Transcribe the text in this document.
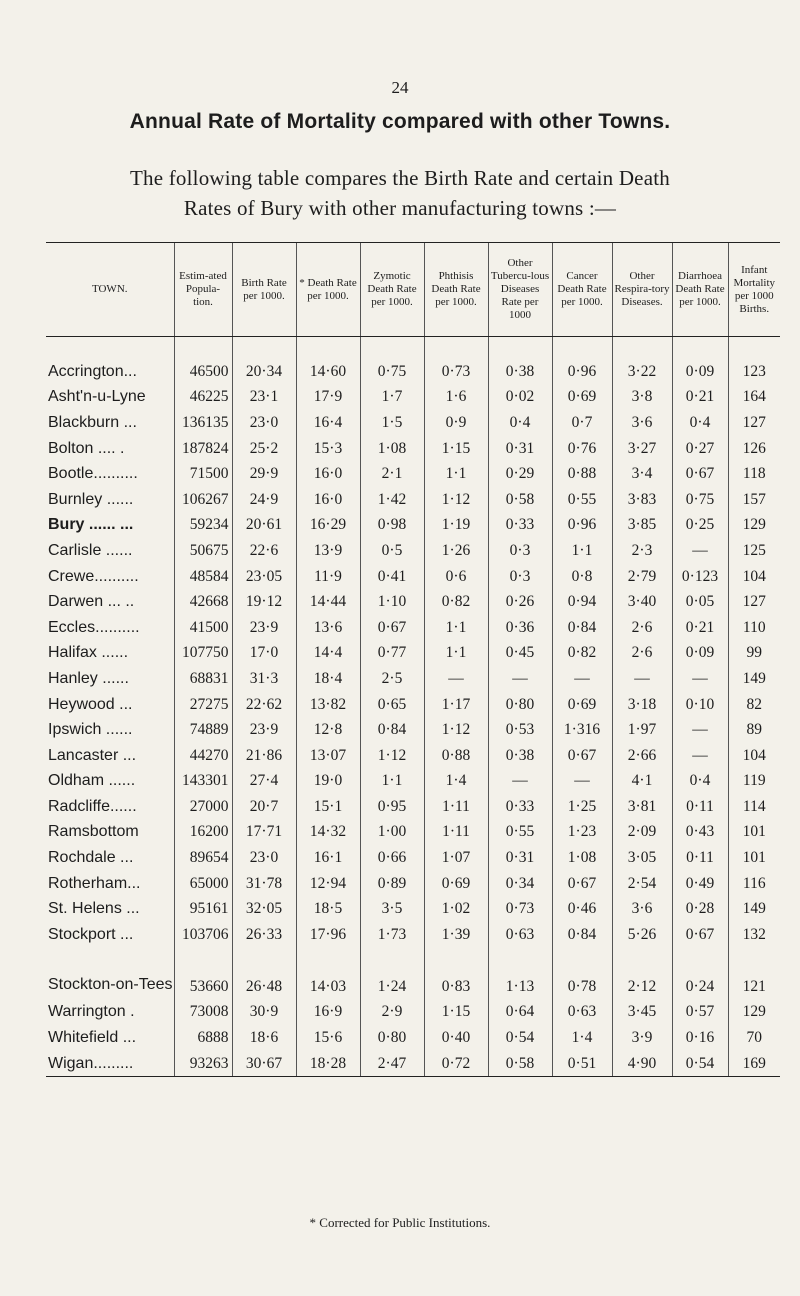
24
Annual Rate of Mortality compared with other Towns.
The following table compares the Birth Rate and certain Death
Rates of Bury with other manufacturing towns :—
TOWN.	Estim-ated Popula-tion.	Birth Rate per 1000.	* Death Rate per 1000.	Zymotic Death Rate per 1000.	Phthisis Death Rate per 1000.	Other Tubercu-lous Diseases Rate per 1000	Cancer Death Rate per 1000.	Other Respira-tory Diseases.	Diarrhoea Death Rate per 1000.	Infant Mortality per 1000 Births.

Accrington...	46500	20·34	14·60	0·75	0·73	0·38	0·96	3·22	0·09	123
Asht'n-u-Lyne	46225	23·1	17·9	1·7	1·6	0·02	0·69	3·8	0·21	164
Blackburn ...	136135	23·0	16·4	1·5	0·9	0·4	0·7	3·6	0·4	127
Bolton .... .	187824	25·2	15·3	1·08	1·15	0·31	0·76	3·27	0·27	126
Bootle..........	71500	29·9	16·0	2·1	1·1	0·29	0·88	3·4	0·67	118
Burnley ......	106267	24·9	16·0	1·42	1·12	0·58	0·55	3·83	0·75	157
Bury ...... ...	59234	20·61	16·29	0·98	1·19	0·33	0·96	3·85	0·25	129
Carlisle ......	50675	22·6	13·9	0·5	1·26	0·3	1·1	2·3	—	125
Crewe..........	48584	23·05	11·9	0·41	0·6	0·3	0·8	2·79	0·123	104
Darwen ... ..	42668	19·12	14·44	1·10	0·82	0·26	0·94	3·40	0·05	127
Eccles..........	41500	23·9	13·6	0·67	1·1	0·36	0·84	2·6	0·21	110
Halifax ......	107750	17·0	14·4	0·77	1·1	0·45	0·82	2·6	0·09	99
Hanley ......	68831	31·3	18·4	2·5	—	—	—	—	—	149
Heywood ...	27275	22·62	13·82	0·65	1·17	0·80	0·69	3·18	0·10	82
Ipswich ......	74889	23·9	12·8	0·84	1·12	0·53	1·316	1·97	—	89
Lancaster ...	44270	21·86	13·07	1·12	0·88	0·38	0·67	2·66	—	104
Oldham ......	143301	27·4	19·0	1·1	1·4	—	—	4·1	0·4	119
Radcliffe......	27000	20·7	15·1	0·95	1·11	0·33	1·25	3·81	0·11	114
Ramsbottom	16200	17·71	14·32	1·00	1·11	0·55	1·23	2·09	0·43	101
Rochdale ...	89654	23·0	16·1	0·66	1·07	0·31	1·08	3·05	0·11	101
Rotherham...	65000	31·78	12·94	0·89	0·69	0·34	0·67	2·54	0·49	116
St. Helens ...	95161	32·05	18·5	3·5	1·02	0·73	0·46	3·6	0·28	149
Stockport ...	103706	26·33	17·96	1·73	1·39	0·63	0·84	5·26	0·67	132
Stockton-on-Tees	53660	26·48	14·03	1·24	0·83	1·13	0·78	2·12	0·24	121
Warrington .	73008	30·9	16·9	2·9	1·15	0·64	0·63	3·45	0·57	129
Whitefield ...	6888	18·6	15·6	0·80	0·40	0·54	1·4	3·9	0·16	70
Wigan.........	93263	30·67	18·28	2·47	0·72	0·58	0·51	4·90	0·54	169
* Corrected for Public Institutions.
